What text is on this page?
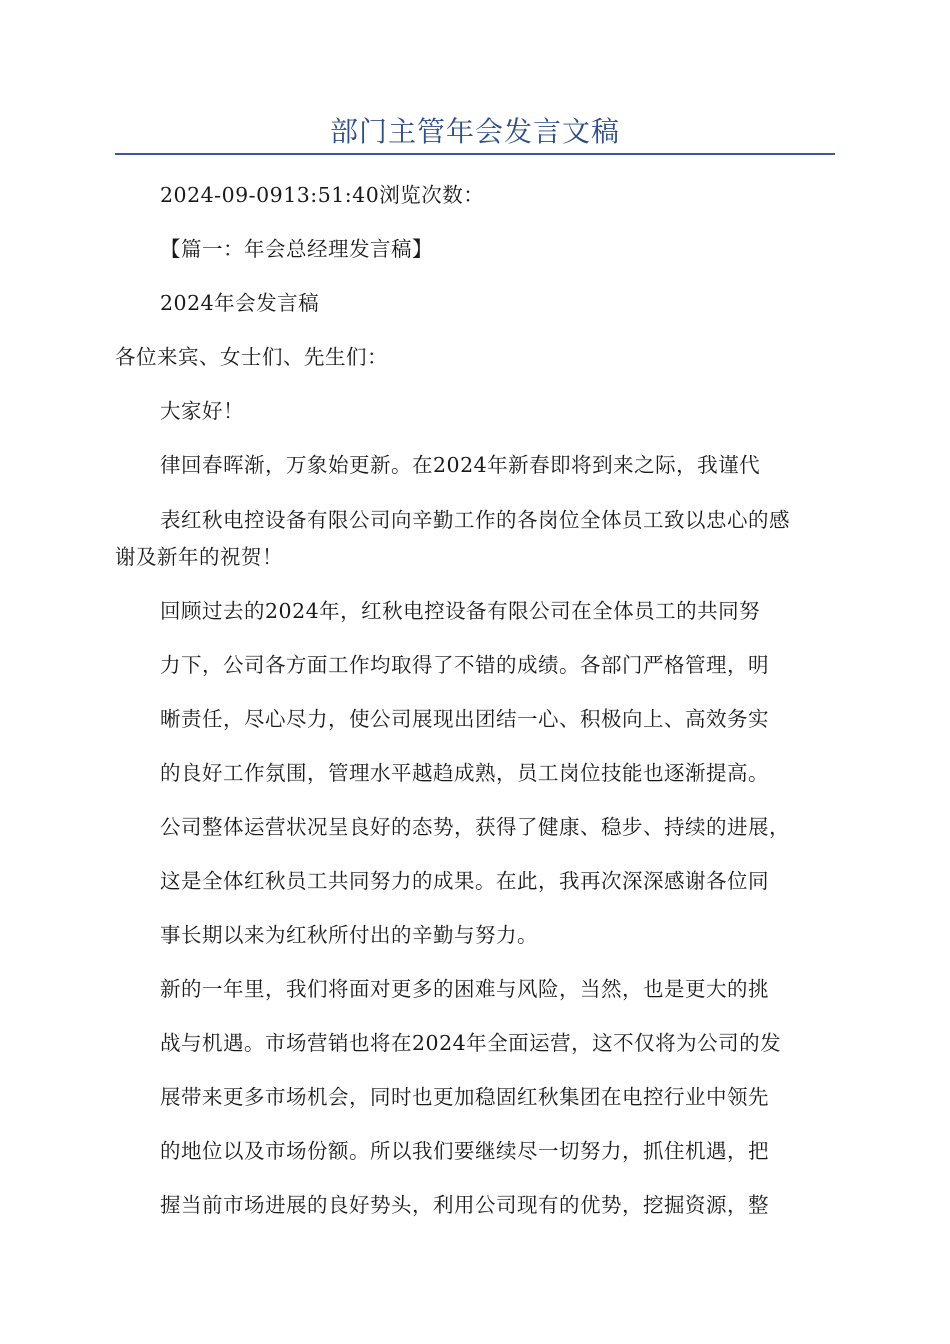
部门主管年会发言文稿
2024-09-0913:51:40浏览次数：
【篇一：年会总经理发言稿】
2024年会发言稿
各位来宾、女士们、先生们：
大家好！
律回春晖渐，万象始更新。在2024年新春即将到来之际，我谨代
表红秋电控设备有限公司向辛勤工作的各岗位全体员工致以忠心的感
谢及新年的祝贺！
回顾过去的2024年，红秋电控设备有限公司在全体员工的共同努
力下，公司各方面工作均取得了不错的成绩。各部门严格管理，明
晰责任，尽心尽力，使公司展现出团结一心、积极向上、高效务实
的良好工作氛围，管理水平越趋成熟，员工岗位技能也逐渐提高。
公司整体运营状况呈良好的态势，获得了健康、稳步、持续的进展，
这是全体红秋员工共同努力的成果。在此，我再次深深感谢各位同
事长期以来为红秋所付出的辛勤与努力。
新的一年里，我们将面对更多的困难与风险，当然，也是更大的挑
战与机遇。市场营销也将在2024年全面运营，这不仅将为公司的发
展带来更多市场机会，同时也更加稳固红秋集团在电控行业中领先
的地位以及市场份额。所以我们要继续尽一切努力，抓住机遇，把
握当前市场进展的良好势头，利用公司现有的优势，挖掘资源，整
